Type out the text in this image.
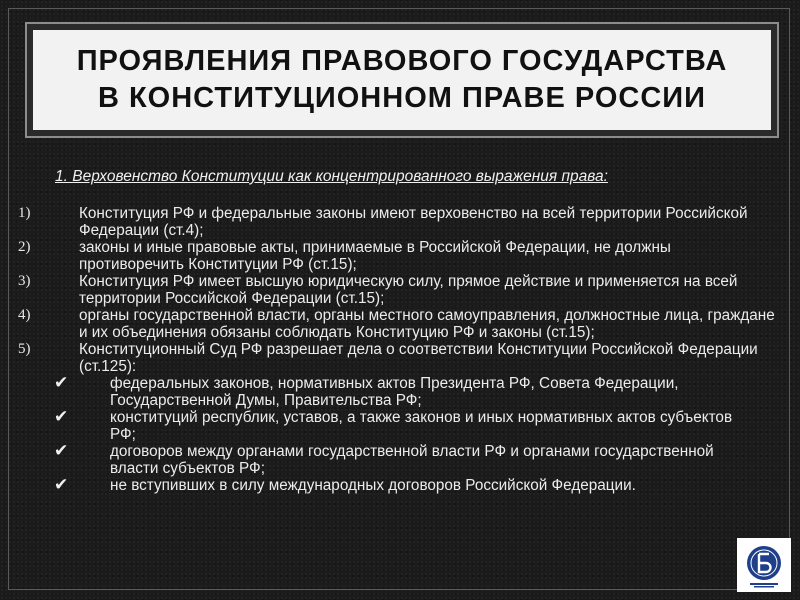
ПРОЯВЛЕНИЯ ПРАВОВОГО ГОСУДАРСТВА
В КОНСТИТУЦИОННОМ ПРАВЕ РОССИИ
1. Верховенство Конституции как концентрированного выражения права:
1)	Конституция РФ и федеральные законы имеют верховенство на всей территории Российской Федерации (ст.4);
2)	законы и иные правовые акты, принимаемые в Российской Федерации, не должны противоречить Конституции РФ (ст.15);
3)	Конституция РФ имеет высшую юридическую силу, прямое действие и применяется на всей территории Российской Федерации (ст.15);
4)	органы государственной власти, органы местного самоуправления, должностные лица, граждане и их объединения обязаны соблюдать Конституцию РФ и законы (ст.15);
5)	Конституционный Суд РФ разрешает дела о соответствии Конституции Российской Федерации (ст.125):
✔	федеральных законов, нормативных актов Президента РФ, Совета Федерации, Государственной Думы, Правительства РФ;
✔	конституций республик, уставов, а также законов и иных нормативных актов субъектов РФ;
✔	договоров между органами государственной власти РФ и органами государственной власти субъектов РФ;
✔	не вступивших в силу международных договоров Российской Федерации.
